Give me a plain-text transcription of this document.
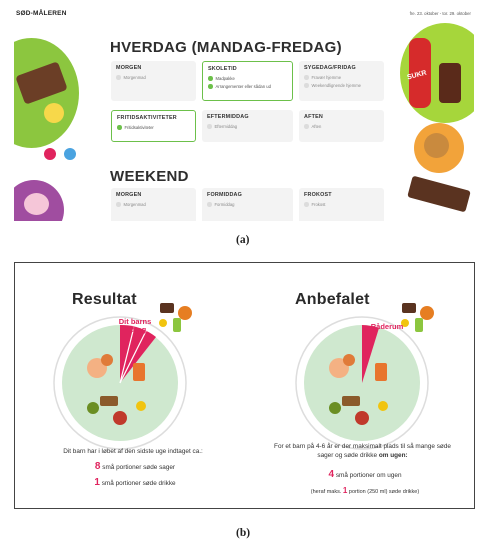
SUKR
SØD-MÅLEREN	fre. 23. oktober - tor. 29. oktober
HVERDAG (MANDAG-FREDAG)
MORGEN
Morgenmad
SKOLETID
Madpakke
Arrangementer eller sådan ud
SYGEDAG/FRIDAG
Fravær hjemme
Weekendlignende hjemme
FRITIDSAKTIVITETER
Fritidsaktiviteter
EFTERMIDDAG
Eftermiddag
AFTEN
Aften
WEEKEND
MORGEN
Morgenmad
FORMIDDAG
Formiddag
FROKOST
Frokost
(a)
Resultat
Dit barns indtag
Dit barn har i løbet af den sidste uge indtaget ca.:
8 små portioner søde sager
1 små portioner søde drikke
Anbefalet
Råderum
For et barn på 4-6 år er der maksimalt plads til så mange søde
sager og søde drikke om ugen:
4 små portioner om ugen
(heraf maks. 1 portion (250 ml) søde drikke)
(b)
